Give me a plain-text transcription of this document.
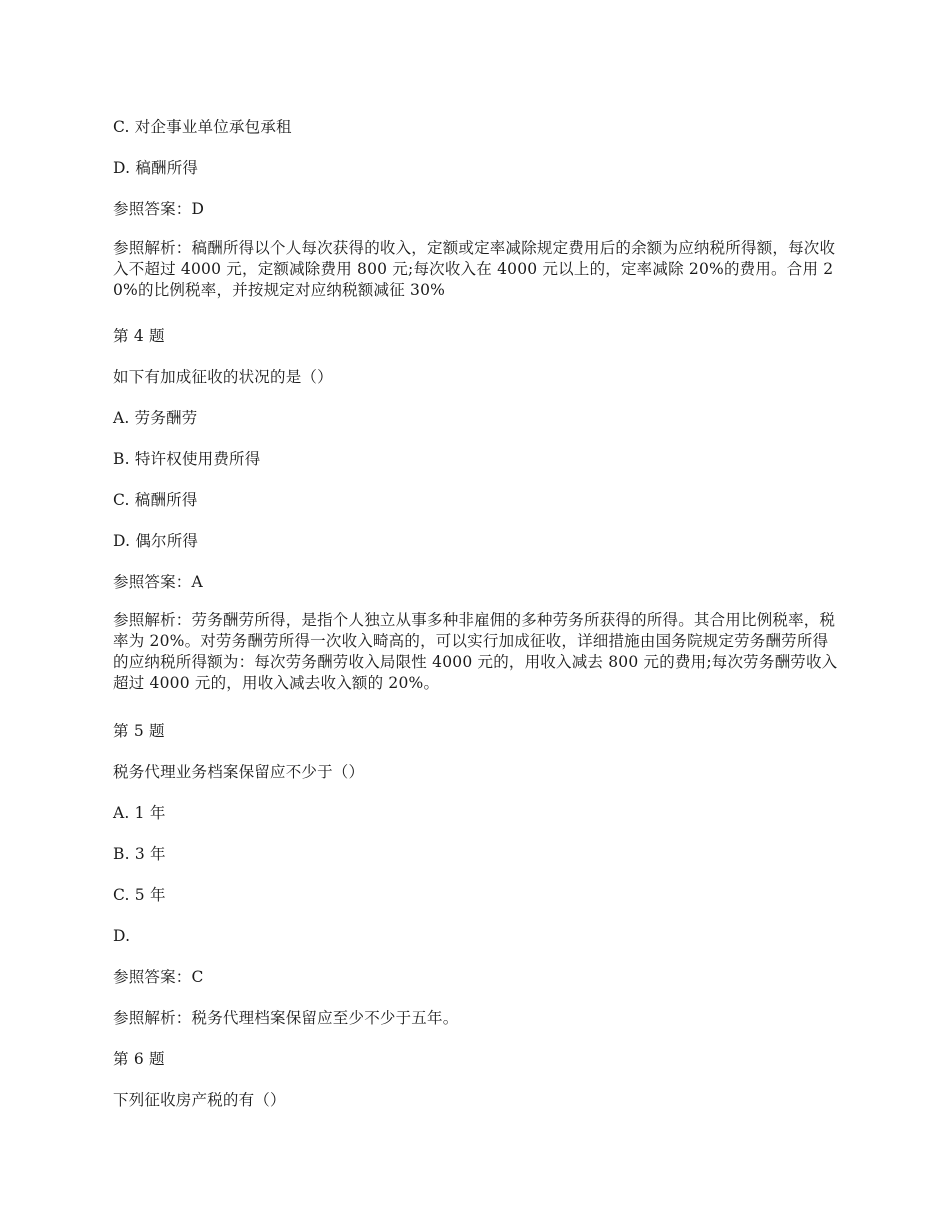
C. 对企事业单位承包承租
D. 稿酬所得
参照答案：D
参照解析：稿酬所得以个人每次获得的收入，定额或定率减除规定费用后的余额为应纳税所得额，每次收入不超过 4000 元，定额减除费用 800 元;每次收入在 4000 元以上的，定率减除 20%的费用。合用 20%的比例税率，并按规定对应纳税额减征 30%
第 4 题
如下有加成征收的状况的是（）
A. 劳务酬劳
B. 特许权使用费所得
C. 稿酬所得
D. 偶尔所得
参照答案：A
参照解析：劳务酬劳所得，是指个人独立从事多种非雇佣的多种劳务所获得的所得。其合用比例税率，税率为 20%。对劳务酬劳所得一次收入畸高的，可以实行加成征收，详细措施由国务院规定劳务酬劳所得的应纳税所得额为：每次劳务酬劳收入局限性 4000 元的，用收入减去 800 元的费用;每次劳务酬劳收入超过 4000 元的，用收入减去收入额的 20%。
第 5 题
税务代理业务档案保留应不少于（）
A. 1 年
B. 3 年
C. 5 年
D.
参照答案：C
参照解析：税务代理档案保留应至少不少于五年。
第 6 题
下列征收房产税的有（）
